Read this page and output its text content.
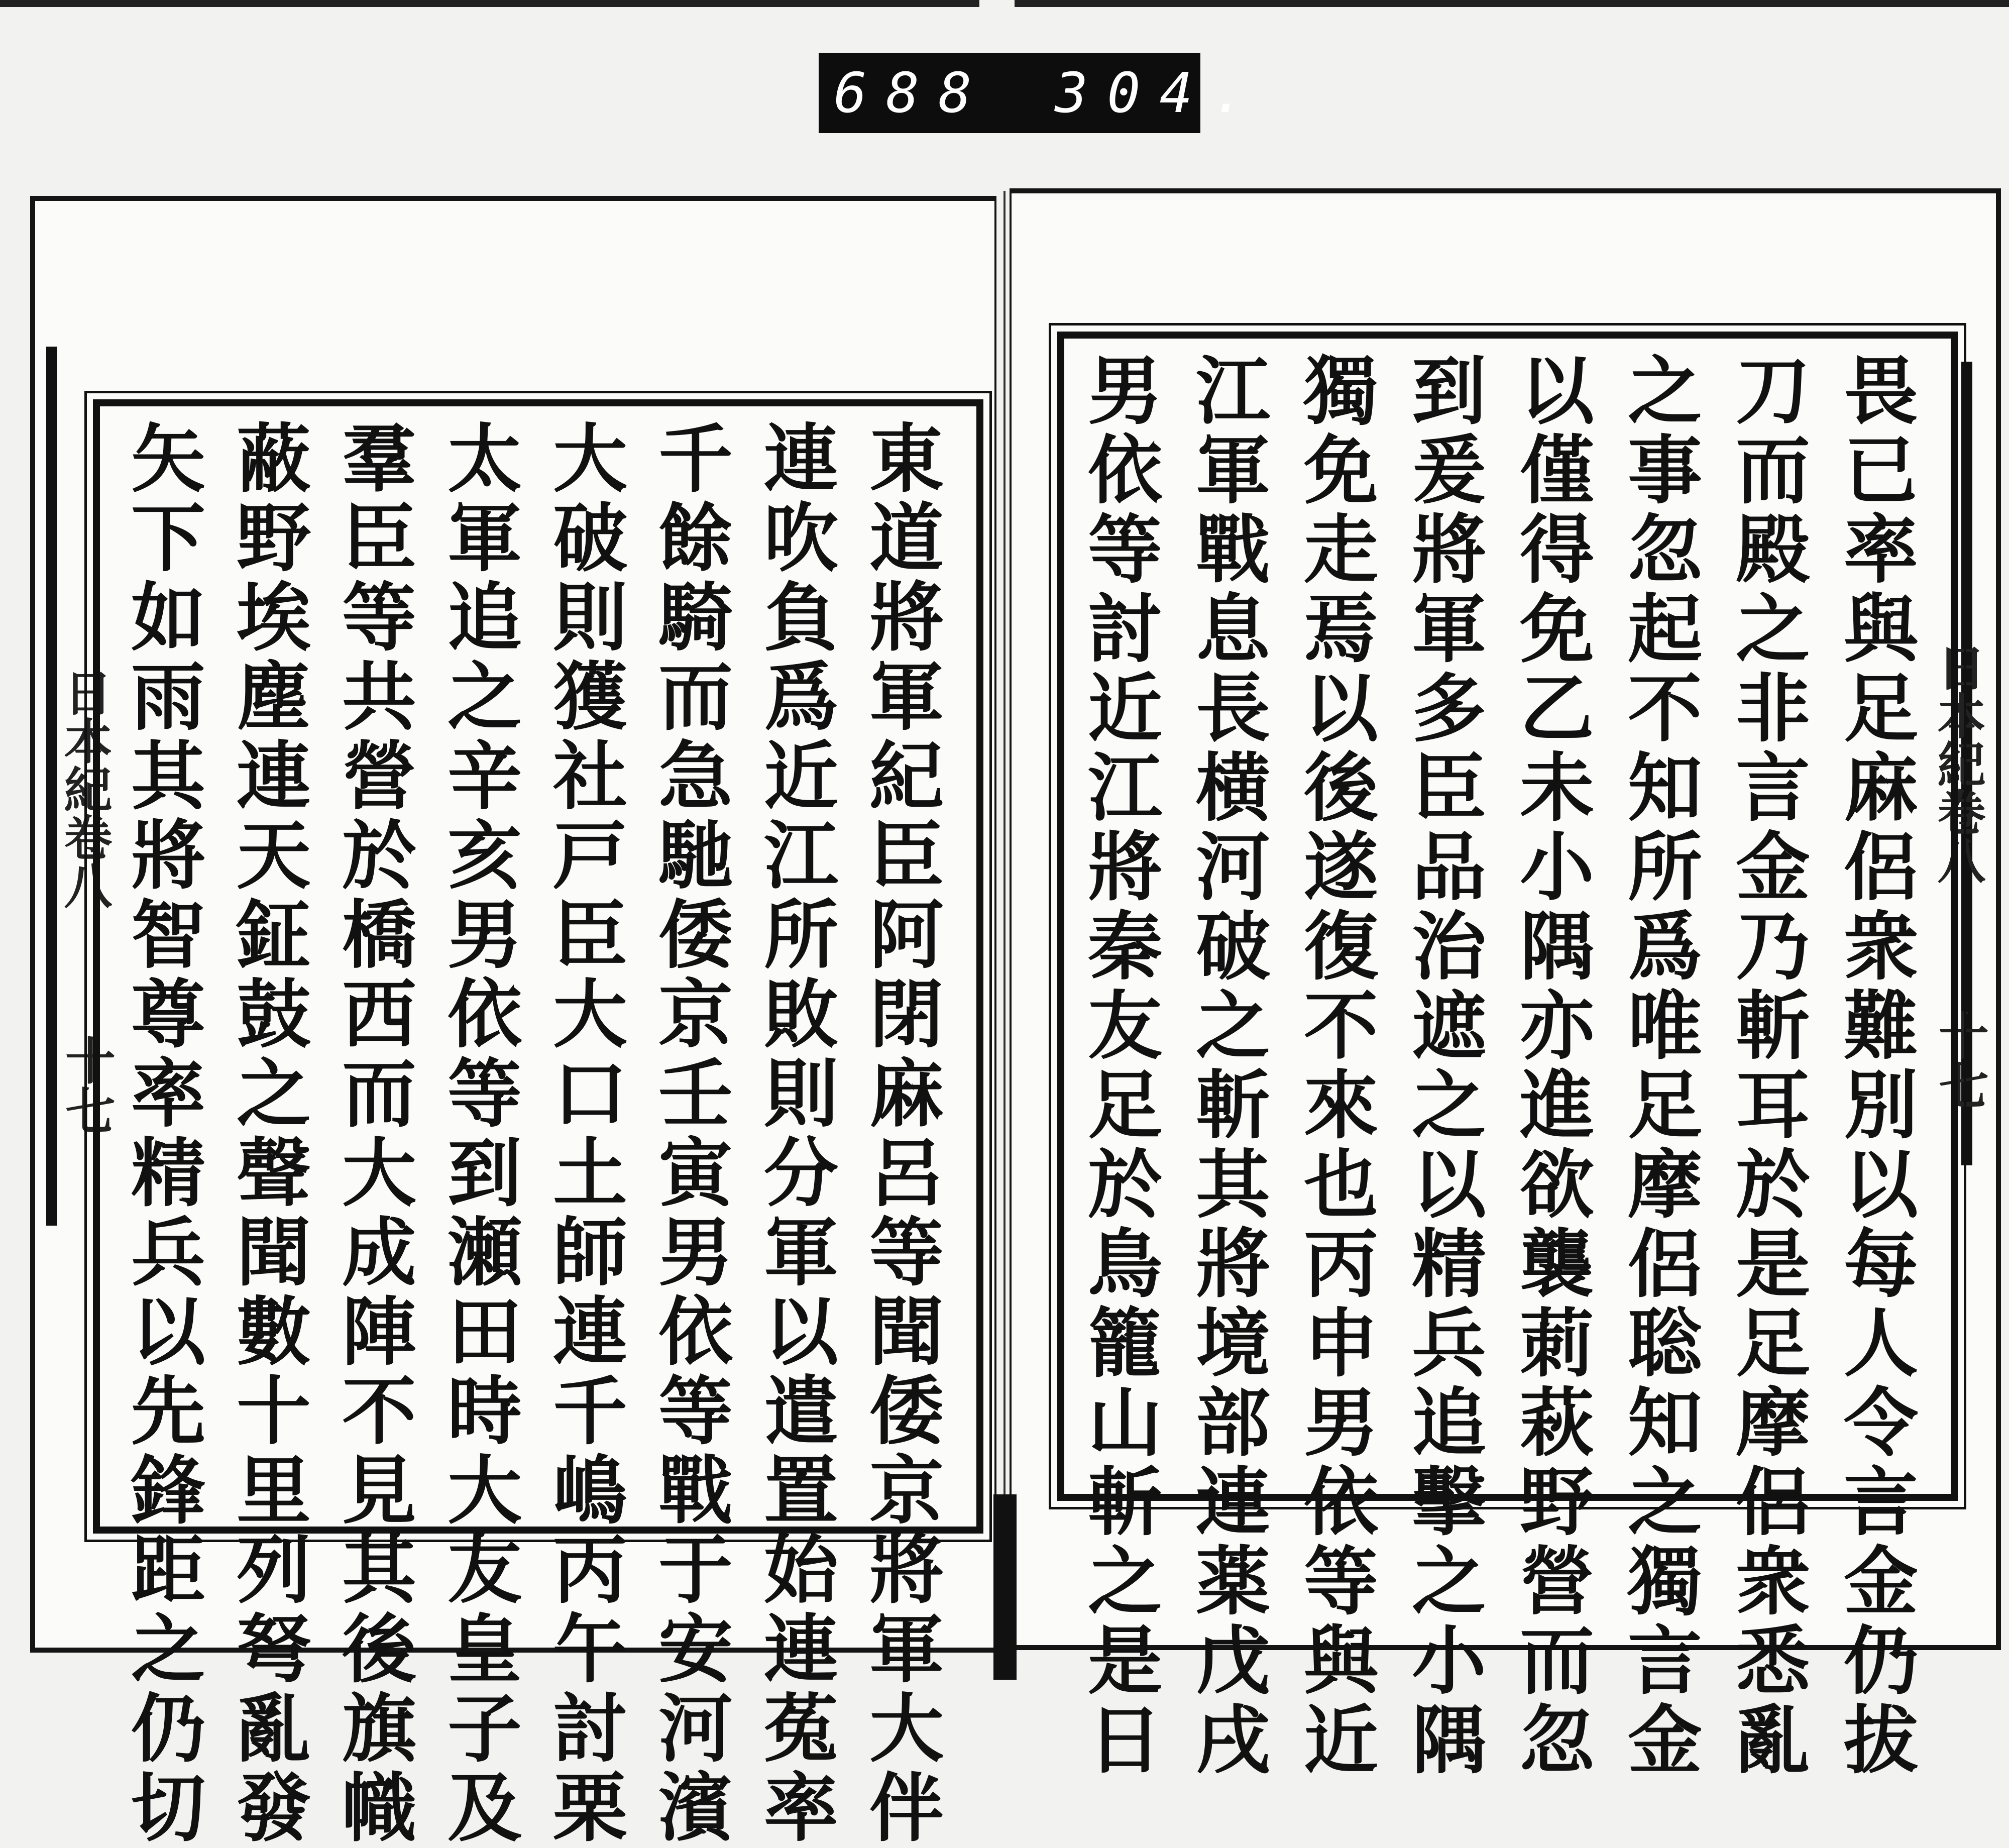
688 304.
日本紀卷八
十七
日本紀卷八
十七
東道將軍紀臣阿閉麻呂等聞倭京將軍大伴
連吹負爲近江所敗則分軍以遣置始連菟率
千餘騎而急馳倭京壬寅男依等戰于安河濱
大破則獲社戸臣大口土師連千嶋丙午討栗
太軍追之辛亥男依等到瀬田時大友皇子及
羣臣等共營於橋西而大成陣不見其後旗幟
蔽野埃塵連天鉦鼓之聲聞數十里列弩亂發
矢下如雨其將智尊率精兵以先鋒距之仍切	畏已率與足麻侶衆難別以每人令言金仍拔
刀而殿之非言金乃斬耳於是足摩侶衆悉亂
之事忽起不知所爲唯足摩侶聡知之獨言金
以僅得免乙未小隅亦進欲襲莿萩野營而忽
到爰將軍多臣品治遮之以精兵追擊之小隅
獨免走焉以後遂復不來也丙申男依等與近
江軍戰息長横河破之斬其將境部連薬戊戌
男依等討近江將秦友足於鳥籠山斬之是日
